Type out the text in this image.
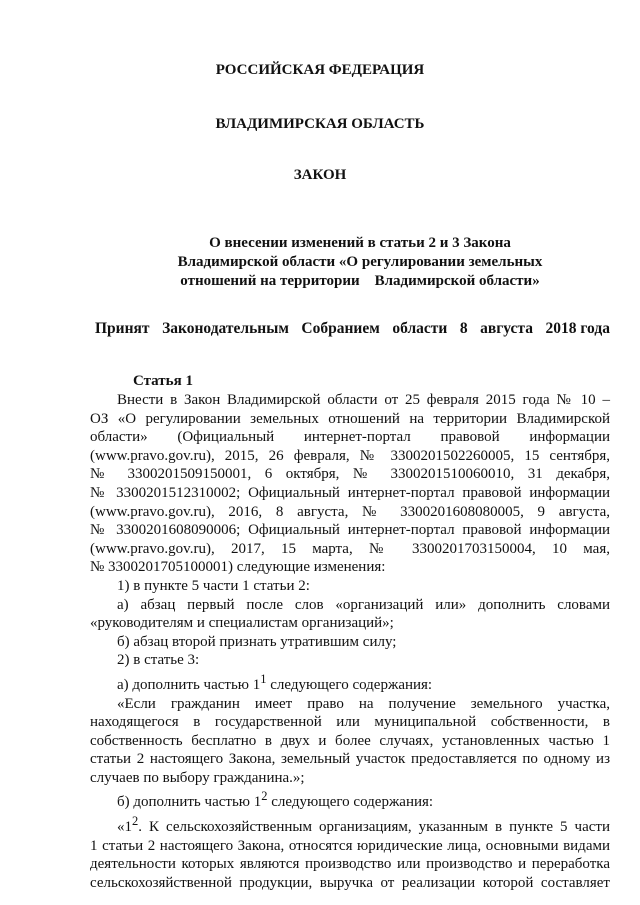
РОССИЙСКАЯ ФЕДЕРАЦИЯ
ВЛАДИМИРСКАЯ ОБЛАСТЬ
ЗАКОН
О внесении изменений в статьи 2 и 3 Закона
Владимирской области «О регулировании земельных
отношений на территории    Владимирской области»
Принят Законодательным Собранием области 8 августа 2018 года
Статья 1

Внести в Закон Владимирской области от 25 февраля 2015 года № 10 –

ОЗ «О регулировании земельных отношений на территории Владимирской

области»     (Официальный     интернет-портал     правовой     информации

(www.pravo.gov.ru), 2015, 26 февраля, № 3300201502260005, 15 сентября,

№ 3300201509150001, 6 октября, № 3300201510060010, 31 декабря,

№ 3300201512310002; Официальный интернет-портал правовой информации

(www.pravo.gov.ru), 2016, 8 августа, № 3300201608080005, 9 августа,

№ 3300201608090006; Официальный интернет-портал правовой информации

(www.pravo.gov.ru), 2017, 15 марта, № 3300201703150004, 10 мая,

№ 3300201705100001) следующие изменения:

1) в пункте 5 части 1 статьи 2:

а) абзац первый после слов «организаций или» дополнить словами

«руководителям и специалистам организаций»;

б) абзац второй признать утратившим силу;

2) в статье 3:

а) дополнить частью $1^1$ следующего содержания:

«Если гражданин имеет право на получение земельного участка,

находящегося в государственной или муниципальной собственности, в

собственность бесплатно в двух и более случаях, установленных частью 1

статьи 2 настоящего Закона, земельный участок предоставляется по одному из

случаев по выбору гражданина.»;

б) дополнить частью $1^2$ следующего содержания:

«$1^2$. К сельскохозяйственным организациям, указанным в пункте 5 части

1 статьи 2 настоящего Закона, относятся юридические лица, основными видами

деятельности которых являются производство или производство и переработка

сельскохозяйственной продукции, выручка от реализации которой составляет
